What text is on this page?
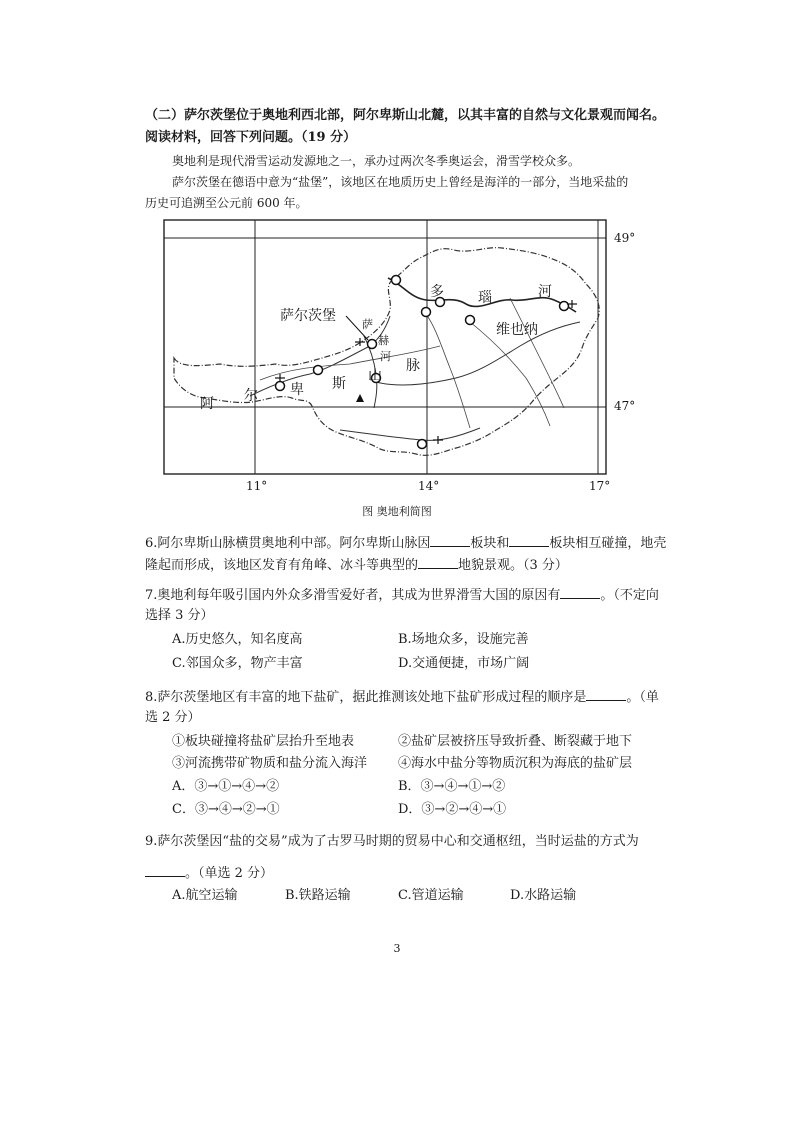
（二）萨尔茨堡位于奥地利西北部，阿尔卑斯山北麓，以其丰富的自然与文化景观而闻名。
阅读材料，回答下列问题。（19 分）
奥地利是现代滑雪运动发源地之一，承办过两次冬季奥运会，滑雪学校众多。
萨尔茨堡在德语中意为“盐堡”，该地区在地质历史上曾经是海洋的一部分，当地采盐的
历史可追溯至公元前 600 年。
49°
47°
11°	14°	17°
萨尔茨堡
维也纳
多 瑙	河
阿 尔 卑 斯 山
脉
萨
赫
河
图 奥地利简图
6.阿尔卑斯山脉横贯奥地利中部。阿尔卑斯山脉因	板块和	板块相互碰撞，地壳
隆起而形成，该地区发育有角峰、冰斗等典型的	地貌景观。（3 分）
7.奥地利每年吸引国内外众多滑雪爱好者，其成为世界滑雪大国的原因有	。（不定向
选择 3 分）
A.历史悠久，知名度高	B.场地众多，设施完善
C.邻国众多，物产丰富	D.交通便捷，市场广阔
8.萨尔茨堡地区有丰富的地下盐矿，据此推测该处地下盐矿形成过程的顺序是	。（单
选 2 分）
①板块碰撞将盐矿层抬升至地表	②盐矿层被挤压导致折叠、断裂藏于地下
③河流携带矿物质和盐分流入海洋 ④海水中盐分等物质沉积为海底的盐矿层
A．③→①→④→②	B．③→④→①→②
C．③→④→②→①	D．③→②→④→①
9.萨尔茨堡因“盐的交易”成为了古罗马时期的贸易中心和交通枢纽，当时运盐的方式为
。（单选 2 分）
A.航空运输	B.铁路运输	C.管道运输	D.水路运输
3
